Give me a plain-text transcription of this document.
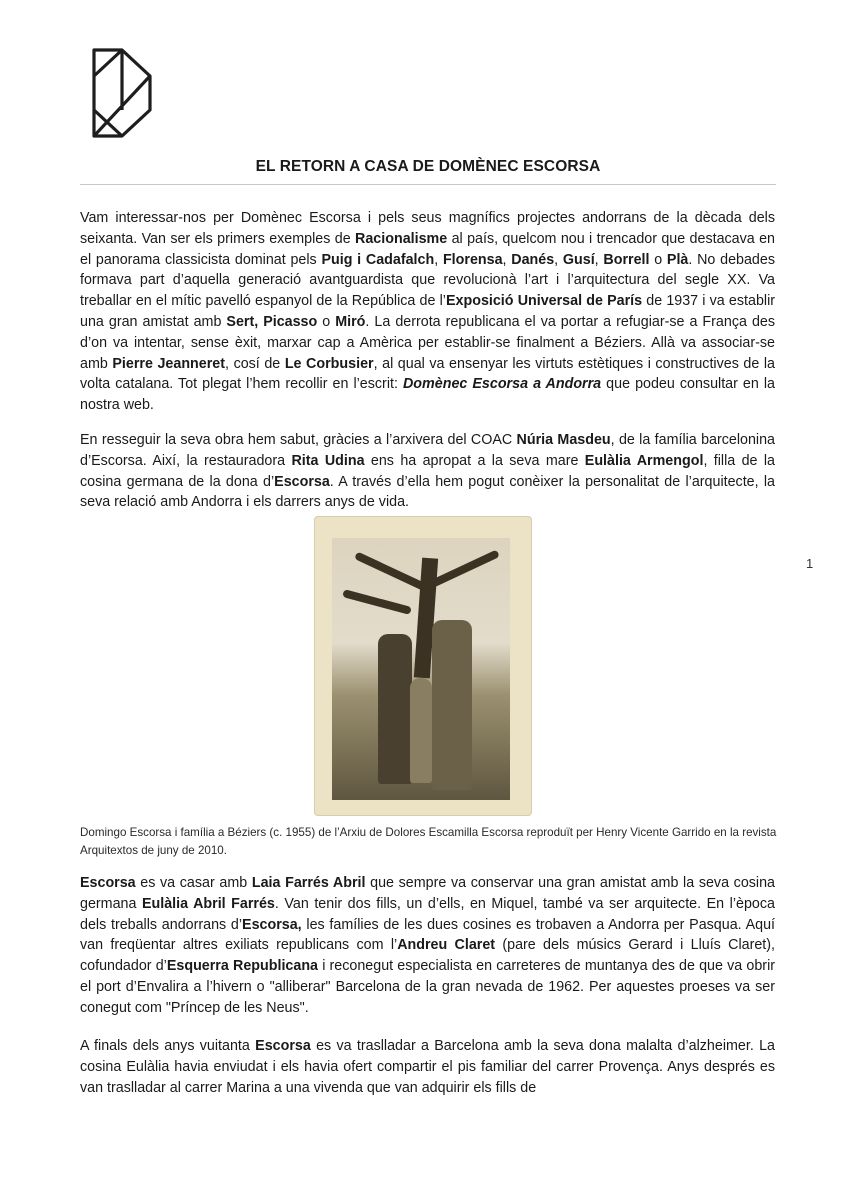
EL RETORN A CASA DE DOMÈNEC ESCORSA
Vam interessar-nos per Domènec Escorsa i pels seus magnífics projectes andorrans de la dècada dels seixanta. Van ser els primers exemples de Racionalisme al país, quelcom nou i trencador que destacava en el panorama classicista dominat pels Puig i Cadafalch, Florensa, Danés, Gusí, Borrell o Plà. No debades formava part d’aquella generació avantguardista que revolucionà l’art i l’arquitectura del segle XX. Va treballar en el mític pavelló espanyol de la República de l’Exposició Universal de París de 1937 i va establir una gran amistat amb Sert, Picasso o Miró. La derrota republicana el va portar a refugiar-se a França des d’on va intentar, sense èxit, marxar cap a Amèrica per establir-se finalment a Béziers. Allà va associar-se amb Pierre Jeanneret, cosí de Le Corbusier, al qual va ensenyar les virtuts estètiques i constructives de la volta catalana. Tot plegat l’hem recollir en l’escrit: Domènec Escorsa a Andorra que podeu consultar en la nostra web.
En resseguir la seva obra hem sabut, gràcies a l’arxivera del COAC Núria Masdeu, de la família barcelonina d’Escorsa. Així, la restauradora Rita Udina ens ha apropat a la seva mare Eulàlia Armengol, filla de la cosina germana de la dona d’Escorsa. A través d’ella hem pogut conèixer la personalitat de l’arquitecte, la seva relació amb Andorra i els darrers anys de vida.
1
Domingo Escorsa i família a Béziers (c. 1955) de l’Arxiu de Dolores Escamilla Escorsa reproduït per Henry Vicente Garrido en la revista Arquitextos de juny de 2010.
Escorsa es va casar amb Laia Farrés Abril que sempre va conservar una gran amistat amb la seva cosina germana Eulàlia Abril Farrés. Van tenir dos fills, un d’ells, en Miquel, també va ser arquitecte. En l’època dels treballs andorrans d’Escorsa, les famílies de les dues cosines es trobaven a Andorra per Pasqua. Aquí van freqüentar altres exiliats republicans com l’Andreu Claret (pare dels músics Gerard i Lluís Claret), cofundador d’Esquerra Republicana i reconegut especialista en carreteres de muntanya des de que va obrir el port d’Envalira a l’hivern o "alliberar" Barcelona de la gran nevada de 1962. Per aquestes proeses va ser conegut com "Príncep de les Neus".
A finals dels anys vuitanta Escorsa es va traslladar a Barcelona amb la seva dona malalta d’alzheimer. La cosina Eulàlia havia enviudat i els havia ofert compartir el pis familiar del carrer Provença. Anys després es van traslladar al carrer Marina a una vivenda que van adquirir els fills de
